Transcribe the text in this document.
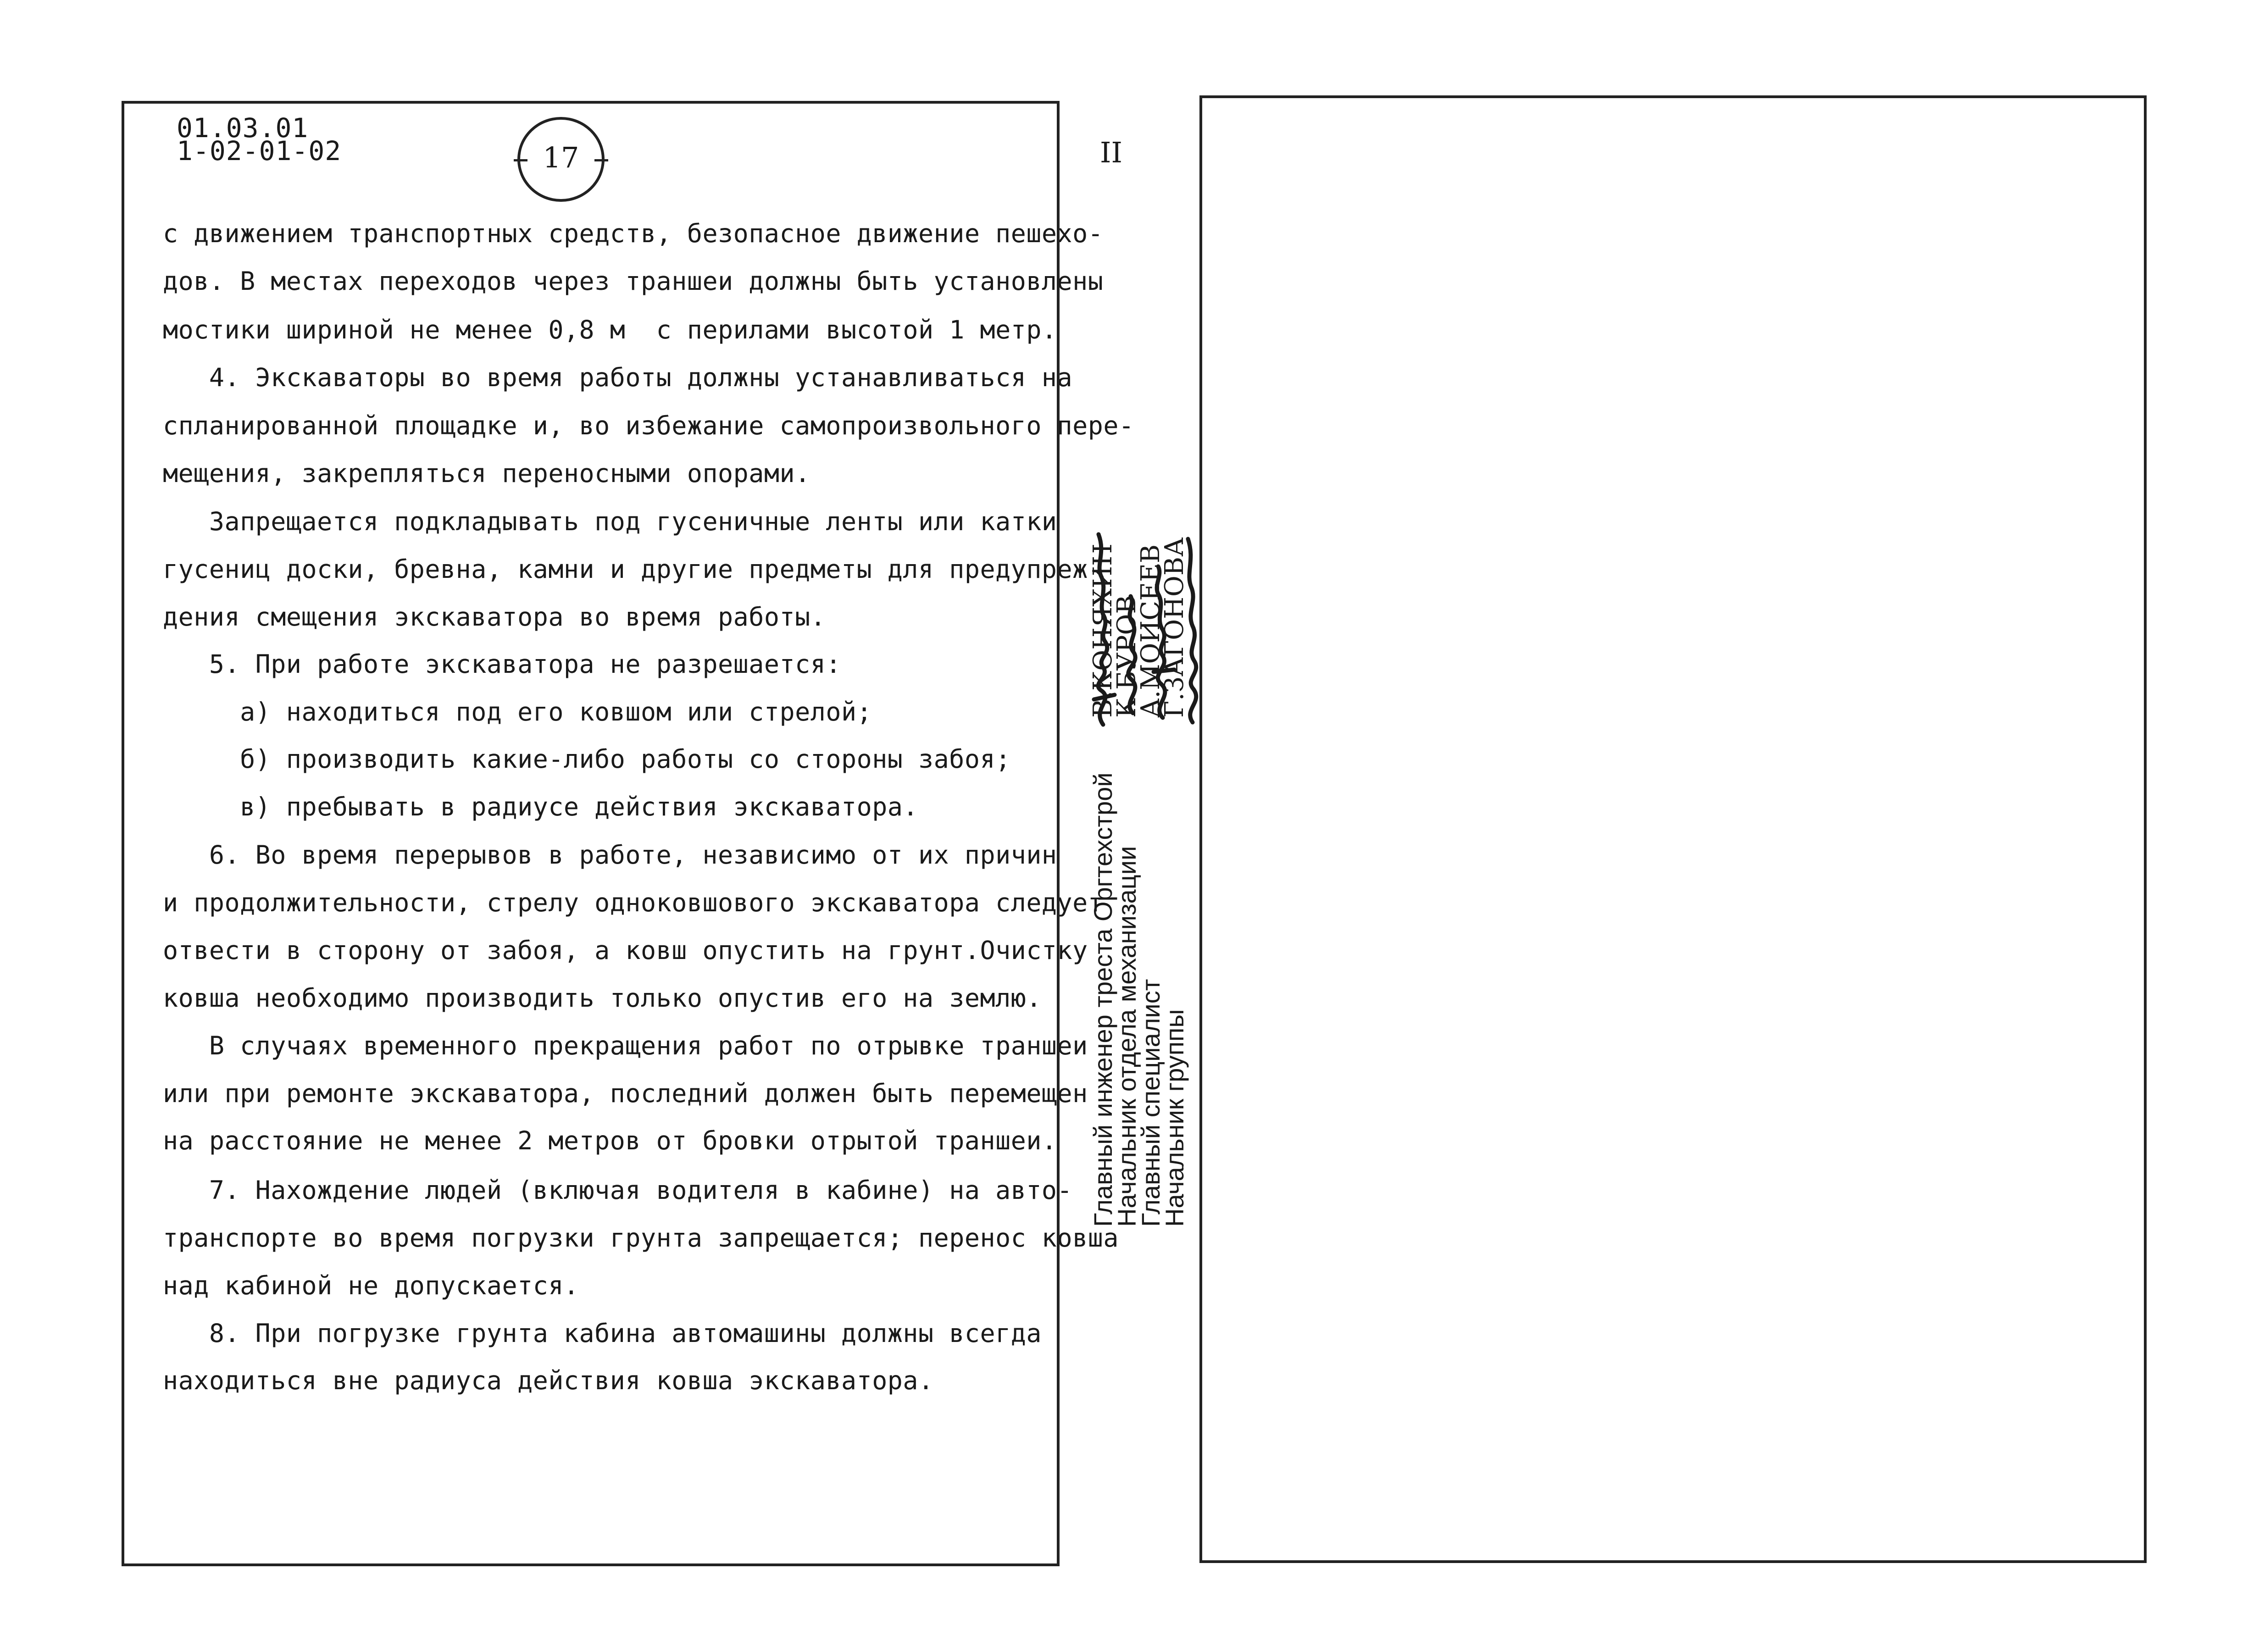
01.03.01
1-02-01-02	17
с движением транспортных средств, безопасное движение пешехо-
дов. В местах переходов через траншеи должны быть установлены
мостики шириной не менее 0,8 м  с перилами высотой 1 метр.
4. Экскаваторы во время работы должны устанавливаться на
спланированной площадке и, во избежание самопроизвольного пере-
мещения, закрепляться переносными опорами.
Запрещается подкладывать под гусеничные ленты или катки
гусениц доски, бревна, камни и другие предметы для предупреж-
дения смещения экскаватора во время работы.
5. При работе экскаватора не разрешается:
а) находиться под его ковшом или стрелой;
б) производить какие-либо работы со стороны забоя;
в) пребывать в радиусе действия экскаватора.
6. Во время перерывов в работе, независимо от их причин
и продолжительности, стрелу одноковшового экскаватора следует
отвести в сторону от забоя, а ковш опустить на грунт.Очистку
ковша необходимо производить только опустив его на землю.
В случаях временного прекращения работ по отрывке траншеи
или при ремонте экскаватора, последний должен быть перемещен
на расстояние не менее 2 метров от бровки отрытой траншеи.
7. Нахождение людей (включая водителя в кабине) на авто-
транспорте во время погрузки грунта запрещается; перенос ковша
над кабиной не допускается.
8. При погрузке грунта кабина автомашины должны всегда
находиться вне радиуса действия ковша экскаватора.
II
Главный инженер треста Оргтехстрой
Начальник отдела механизации
Главный специалист
Начальник группы
В.КОНЯХИН
К.БУРОВ
А.МОИСЕЕВ
Г.ЗАГОНОВА
